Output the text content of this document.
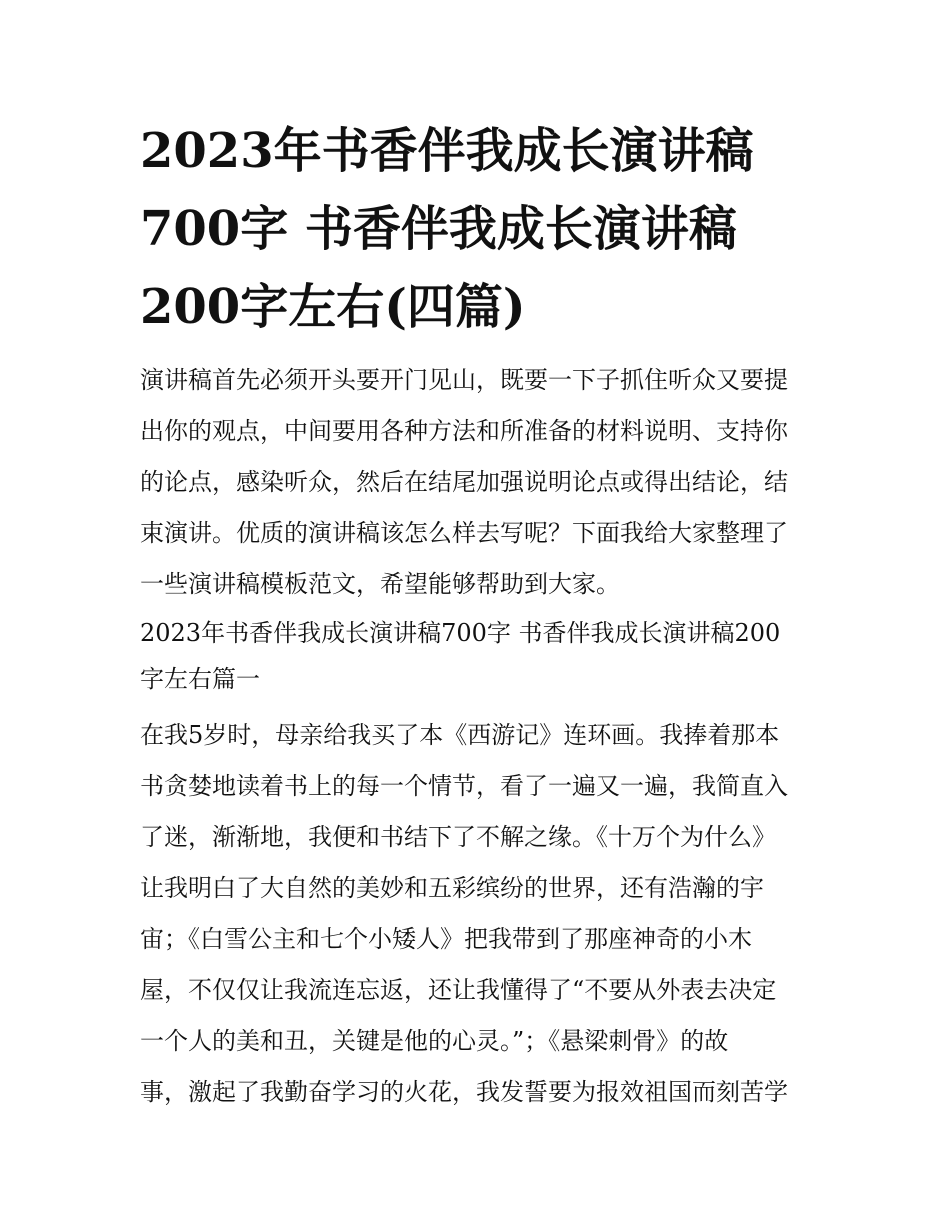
2023年书香伴我成长演讲稿
700字 书香伴我成长演讲稿
200字左右(四篇)
演讲稿首先必须开头要开门见山，既要一下子抓住听众又要提
出你的观点，中间要用各种方法和所准备的材料说明、支持你
的论点，感染听众，然后在结尾加强说明论点或得出结论，结
束演讲。优质的演讲稿该怎么样去写呢？下面我给大家整理了
一些演讲稿模板范文，希望能够帮助到大家。
2023年书香伴我成长演讲稿700字 书香伴我成长演讲稿200
字左右篇一
在我5岁时，母亲给我买了本《西游记》连环画。我捧着那本
书贪婪地读着书上的每一个情节，看了一遍又一遍，我简直入
了迷，渐渐地，我便和书结下了不解之缘。《十万个为什么》
让我明白了大自然的美妙和五彩缤纷的世界，还有浩瀚的宇
宙；《白雪公主和七个小矮人》把我带到了那座神奇的小木
屋，不仅仅让我流连忘返，还让我懂得了“不要从外表去决定
一个人的美和丑，关键是他的心灵。”；《悬梁刺骨》的故
事，激起了我勤奋学习的火花，我发誓要为报效祖国而刻苦学
